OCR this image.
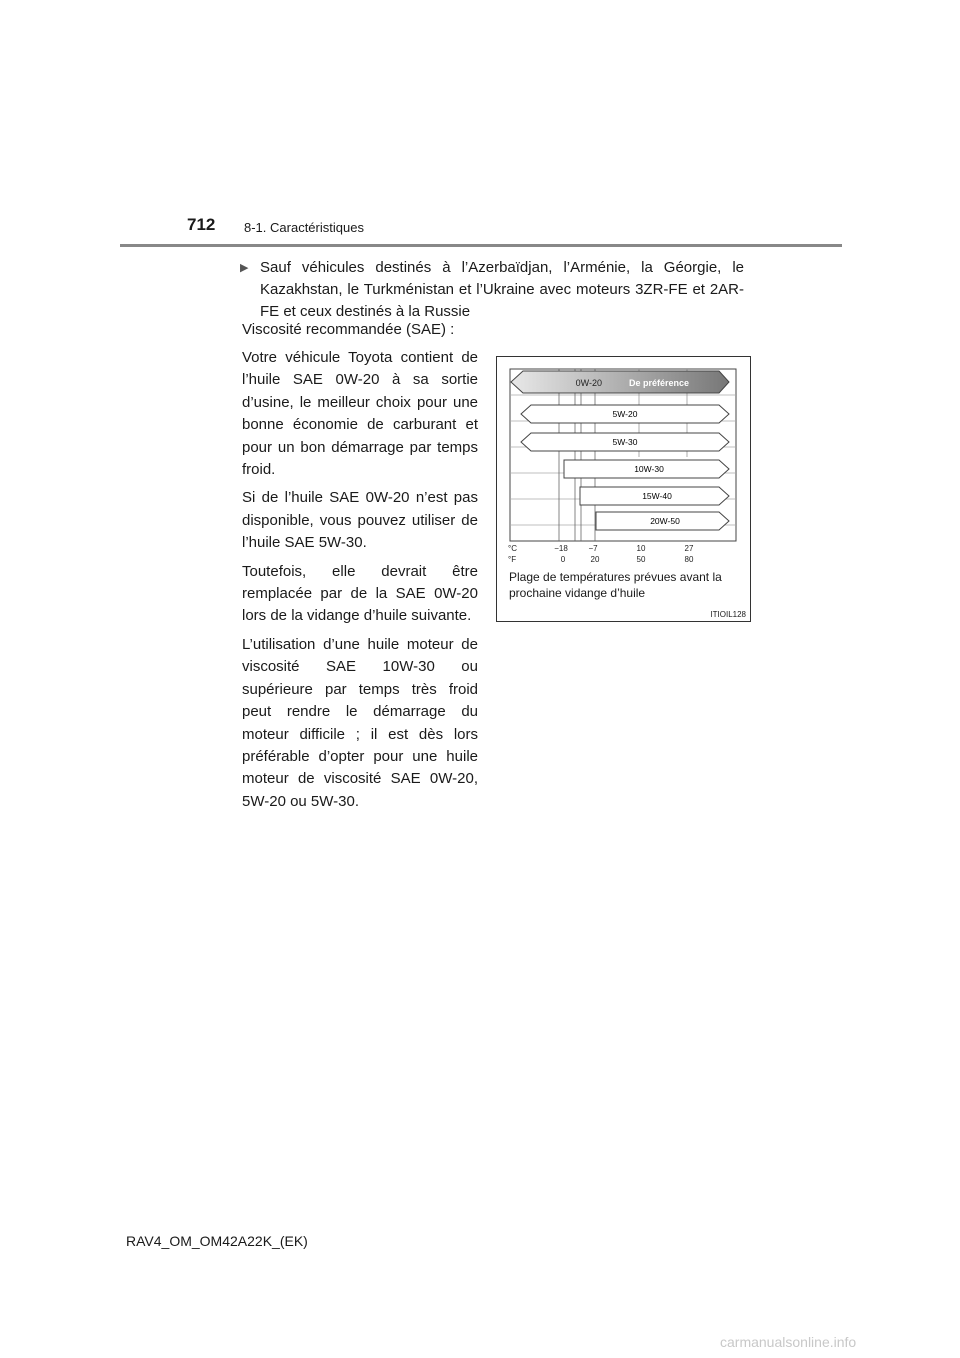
712 8-1. Caractéristiques
▶ Sauf véhicules destinés à l’Azerbaïdjan, l’Arménie, la Géorgie, le Kazakhstan, le Turkménistan et l’Ukraine avec moteurs 3ZR-FE et 2AR-FE et ceux destinés à la Russie
Viscosité recommandée (SAE) :

Votre véhicule Toyota contient de l’huile SAE 0W-20 à sa sortie d’usine, le meilleur choix pour une bonne économie de carburant et pour un bon démarrage par temps froid.

Si de l’huile SAE 0W-20 n’est pas disponible, vous pouvez utiliser de l’huile SAE 5W-30.

Toutefois, elle devrait être remplacée par de la SAE 0W-20 lors de la vidange d’huile suivante.

L’utilisation d’une huile moteur de viscosité SAE 10W-30 ou supérieure par temps très froid peut rendre le démarrage du moteur difficile ; il est dès lors préférable d’opter pour une huile moteur de viscosité SAE 0W-20, 5W-20 ou 5W-30.

0W-20	De préférence
5W-20
5W-30
10W-30
15W-40
20W-50
°C	−18	−7	10	27
°F	0	20	50	80
Plage de températures prévues avant la prochaine vidange d’huile
ITIOIL128
RAV4_OM_OM42A22K_(EK)
carmanualsonline.info
